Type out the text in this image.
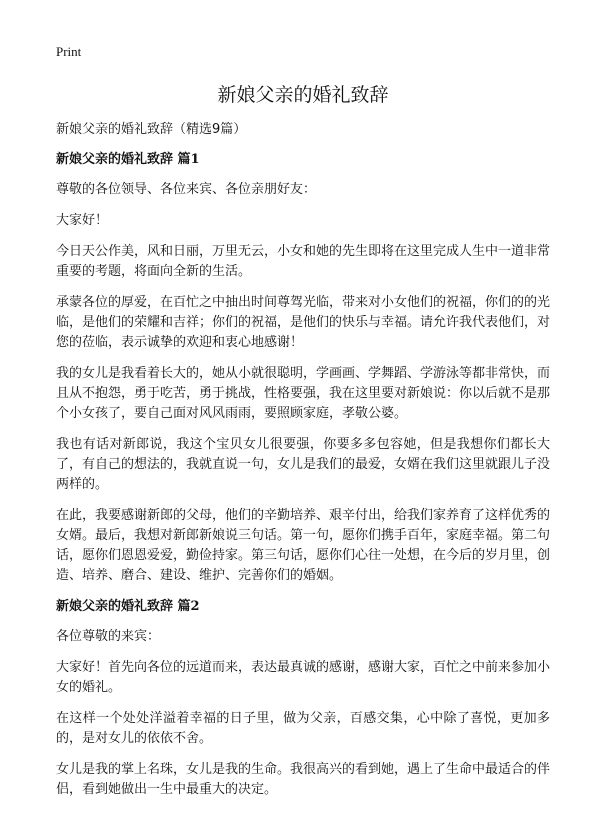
Print
新娘父亲的婚礼致辞
新娘父亲的婚礼致辞（精选9篇）
新娘父亲的婚礼致辞 篇1

尊敬的各位领导、各位来宾、各位亲朋好友：

大家好！

今日天公作美，风和日丽，万里无云，小女和她的先生即将在这里完成人生中一道非常重要的考题，将面向全新的生活。

承蒙各位的厚爱，在百忙之中抽出时间尊驾光临，带来对小女他们的祝福，你们的的光临，是他们的荣耀和吉祥；你们的祝福，是他们的快乐与幸福。请允许我代表他们，对您的莅临，表示诚挚的欢迎和衷心地感谢！

我的女儿是我看着长大的，她从小就很聪明，学画画、学舞蹈、学游泳等都非常快，而且从不抱怨，勇于吃苦，勇于挑战，性格要强，我在这里要对新娘说：你以后就不是那个小女孩了，要自己面对风风雨雨，要照顾家庭，孝敬公婆。

我也有话对新郎说，我这个宝贝女儿很要强，你要多多包容她，但是我想你们都长大了，有自己的想法的，我就直说一句，女儿是我们的最爱，女婿在我们这里就跟儿子没两样的。

在此，我要感谢新郎的父母，他们的辛勤培养、艰辛付出，给我们家养育了这样优秀的女婿。最后，我想对新郎新娘说三句话。第一句，愿你们携手百年，家庭幸福。第二句话，愿你们恩恩爱爱，勤俭持家。第三句话，愿你们心往一处想，在今后的岁月里，创造、培养、磨合、建设、维护、完善你们的婚姻。

新娘父亲的婚礼致辞 篇2

各位尊敬的来宾：

大家好！首先向各位的远道而来，表达最真诚的感谢，感谢大家，百忙之中前来参加小女的婚礼。

在这样一个处处洋溢着幸福的日子里，做为父亲，百感交集，心中除了喜悦，更加多的，是对女儿的依依不舍。

女儿是我的掌上名珠，女儿是我的生命。我很高兴的看到她，遇上了生命中最适合的伴侣，看到她做出一生中最重大的决定。
